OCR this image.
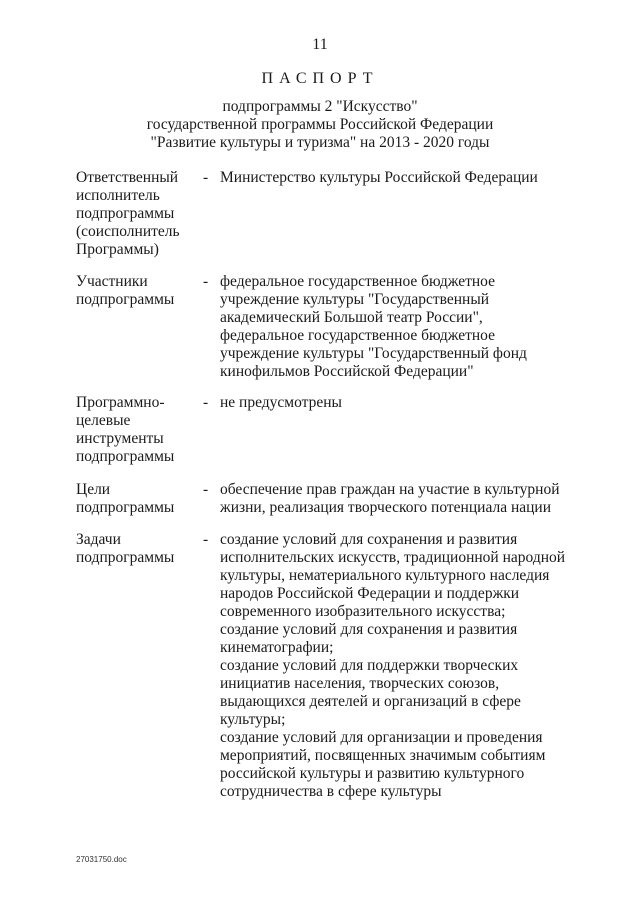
11
ПАСПОРТ
подпрограммы 2 "Искусство"
государственной программы Российской Федерации
"Развитие культуры и туризма" на 2013 - 2020 годы
Ответственный
исполнитель
подпрограммы
(соисполнитель
Программы)
- Министерство культуры Российской Федерации
Участники
подпрограммы
- федеральное государственное бюджетное
учреждение культуры "Государственный
академический Большой театр России",
федеральное государственное бюджетное
учреждение культуры "Государственный фонд
кинофильмов Российской Федерации"
Программно-
целевые
инструменты
подпрограммы
- не предусмотрены
Цели
подпрограммы
- обеспечение прав граждан на участие в культурной
жизни, реализация творческого потенциала нации
Задачи
подпрограммы
- создание условий для сохранения и развития
исполнительских искусств, традиционной народной
культуры, нематериального культурного наследия
народов Российской Федерации и поддержки
современного изобразительного искусства;
создание условий для сохранения и развития
кинематографии;
создание условий для поддержки творческих
инициатив населения, творческих союзов,
выдающихся деятелей и организаций в сфере
культуры;
создание условий для организации и проведения
мероприятий, посвященных значимым событиям
российской культуры и развитию культурного
сотрудничества в сфере культуры
27031750.doc
